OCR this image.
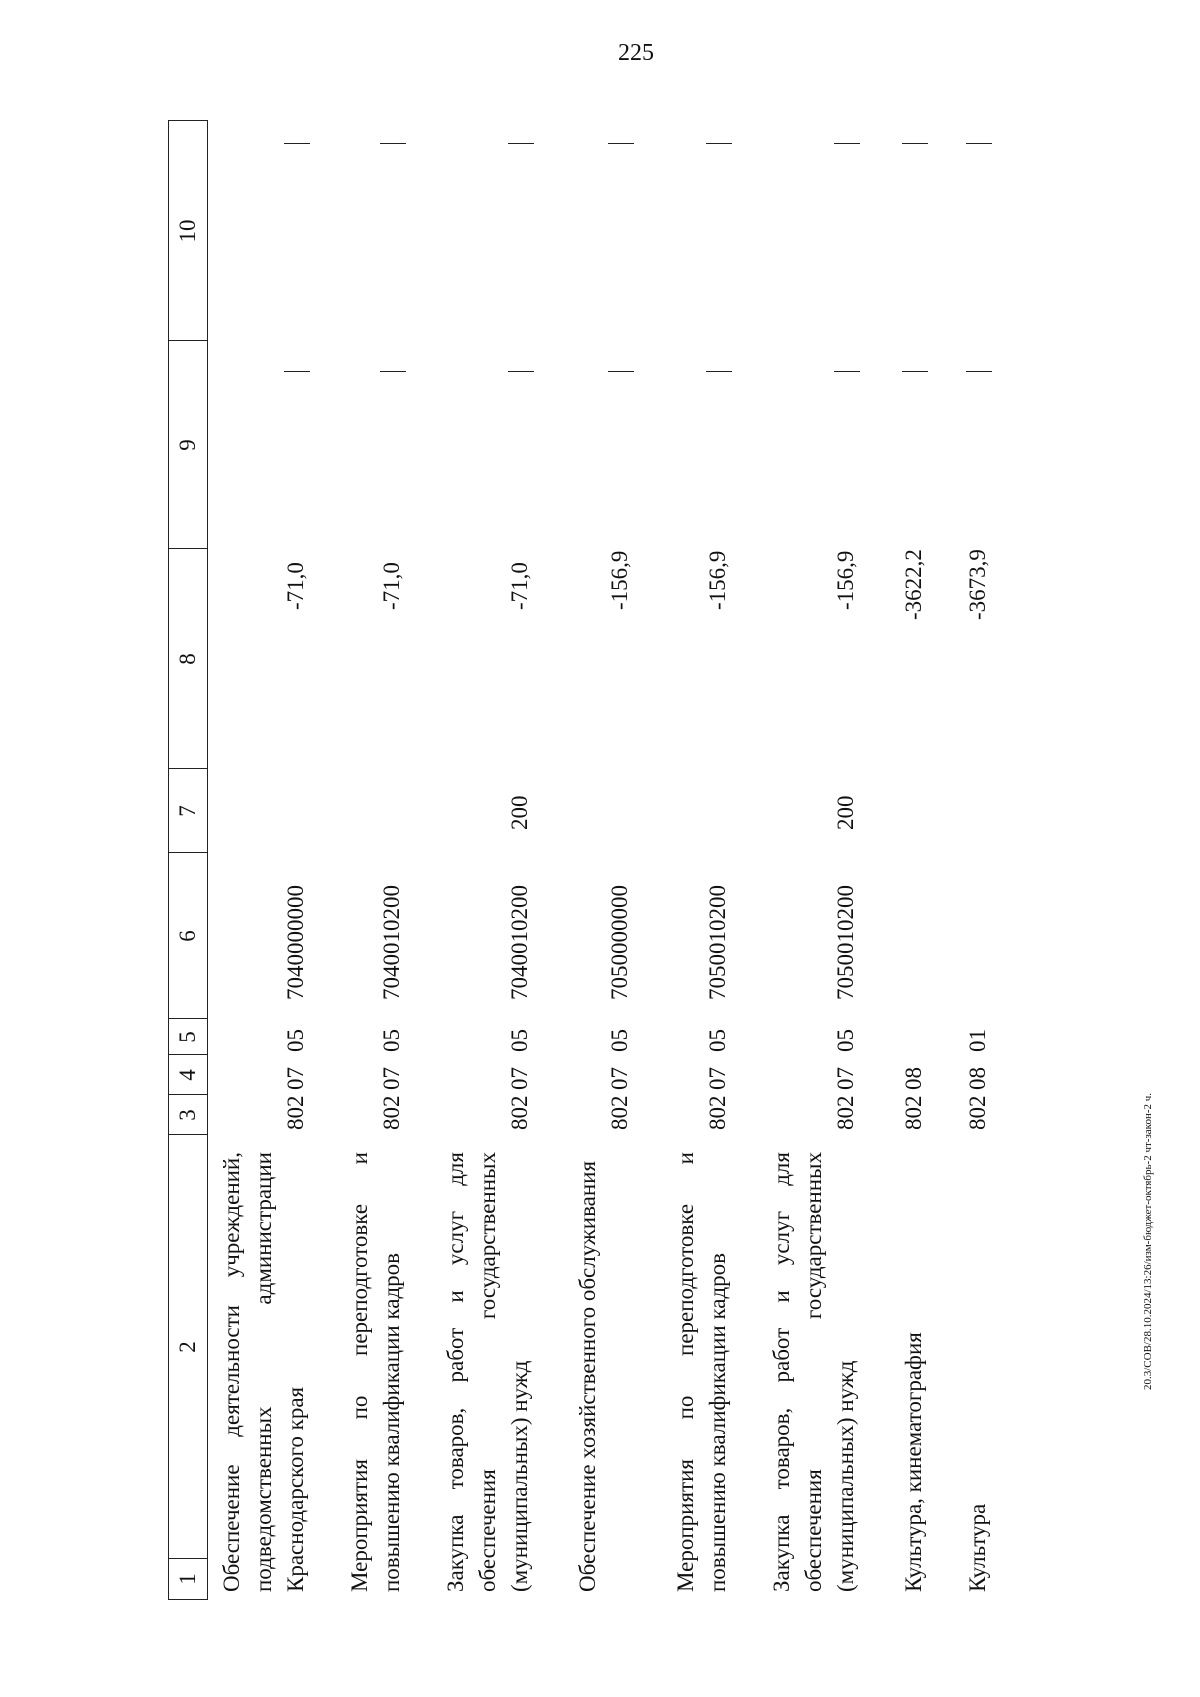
225
20.3/СОВ/28.10.2024/13:26/изм-бюджет-октябрь-2 чт-закон-2 ч.
1
2
3
4
5
6
7
8
9
10
Обеспечение деятельности учреждений, подведомственных администрации Краснодарского края
802
07
05
7040000000
-71,0
Мероприятия по переподготовке и повышению квалификации кадров
802
07
05
7040010200
-71,0
Закупка товаров, работ и услуг для обеспечения государственных (муниципальных) нужд
802
07
05
7040010200
200
-71,0
Обеспечение хозяйственного обслуживания
802
07
05
7050000000
-156,9
Мероприятия по переподготовке и повышению квалификации кадров
802
07
05
7050010200
-156,9
Закупка товаров, работ и услуг для обеспечения государственных (муниципальных) нужд
802
07
05
7050010200
200
-156,9
Культура, кинематография
802
08
-3622,2
Культура
802
08
01
-3673,9
